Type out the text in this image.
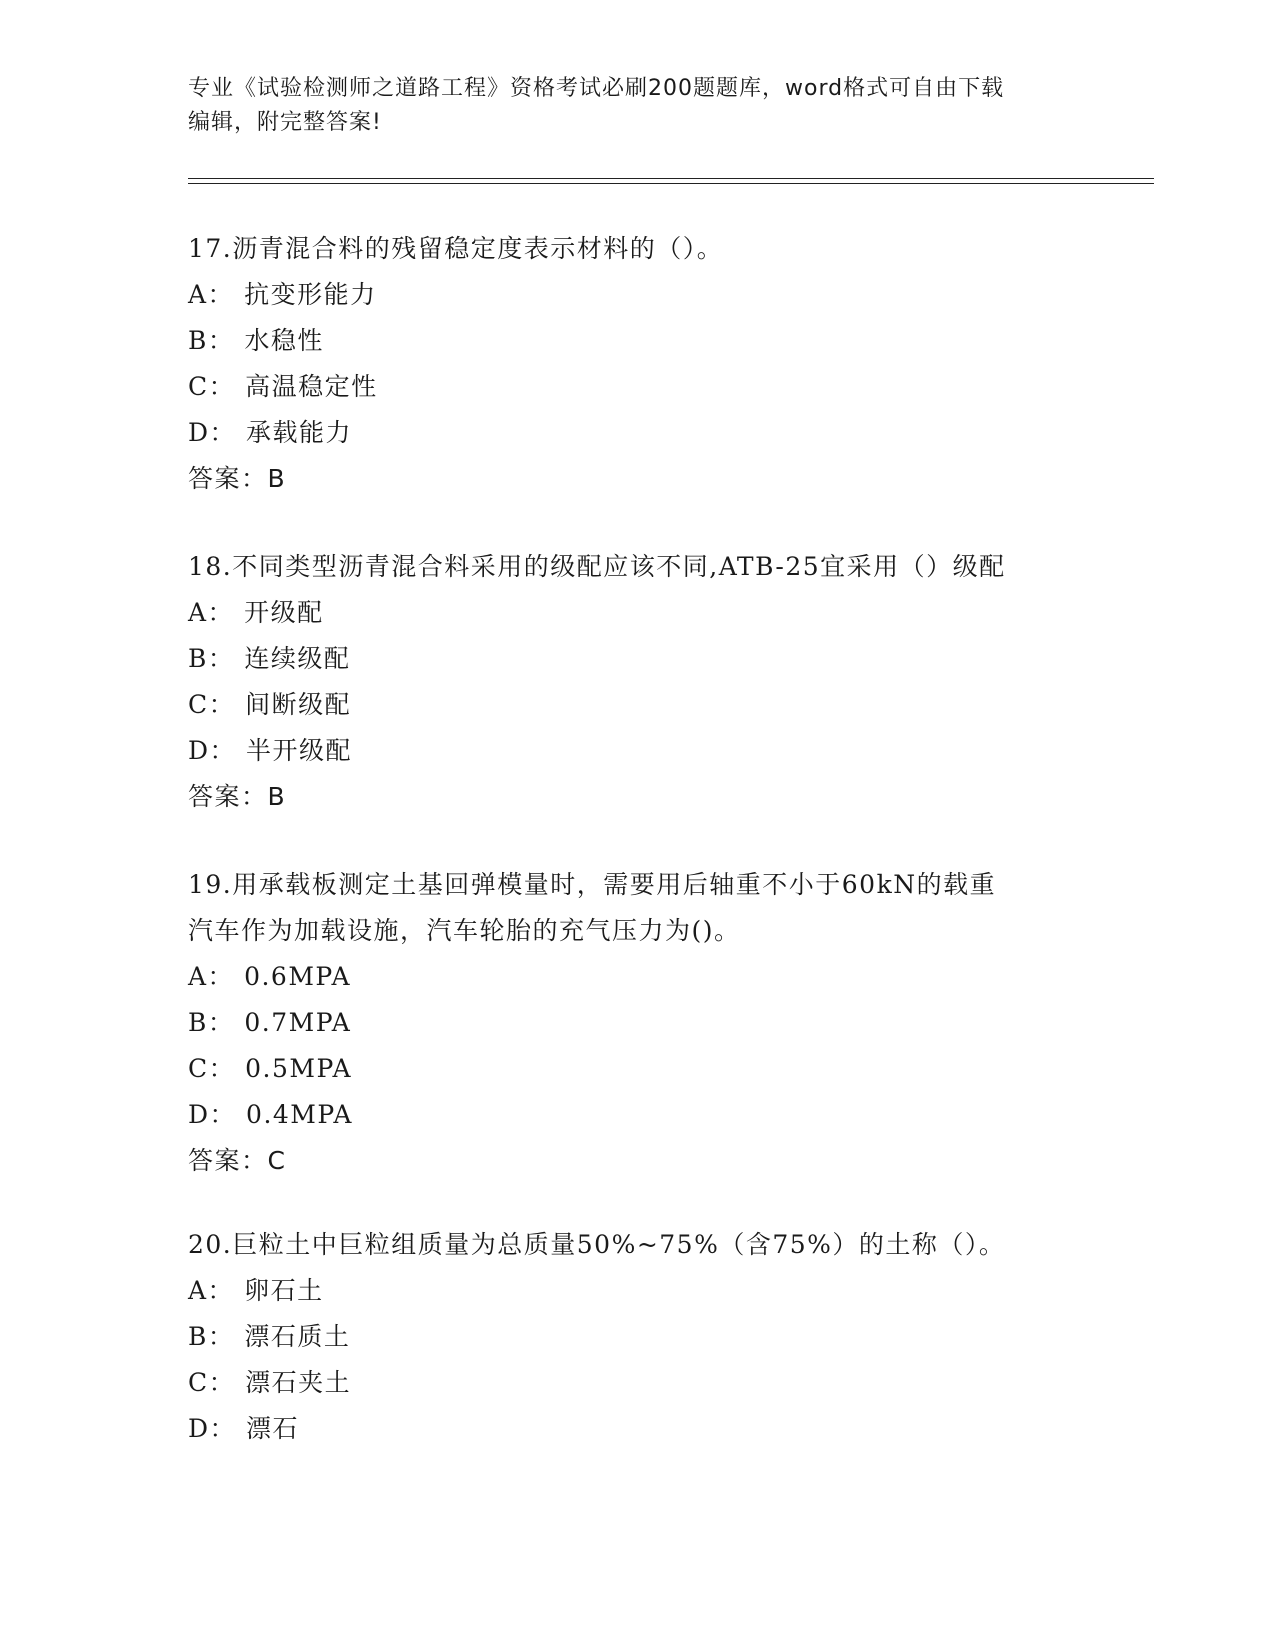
专业《试验检测师之道路工程》资格考试必刷200题题库，word格式可自由下载
编辑，附完整答案!
17.沥青混合料的残留稳定度表示材料的（）。
A： 抗变形能力
B： 水稳性
C： 高温稳定性
D： 承载能力
答案：B
18.不同类型沥青混合料采用的级配应该不同,ATB-25宜采用（）级配
A： 开级配
B： 连续级配
C： 间断级配
D： 半开级配
答案：B
19.用承载板测定土基回弹模量时，需要用后轴重不小于60kN的载重
汽车作为加载设施，汽车轮胎的充气压力为()。
A： 0.6MPA
B： 0.7MPA
C： 0.5MPA
D： 0.4MPA
答案：C
20.巨粒土中巨粒组质量为总质量50%~75%（含75%）的土称（）。
A： 卵石土
B： 漂石质土
C： 漂石夹土
D： 漂石
